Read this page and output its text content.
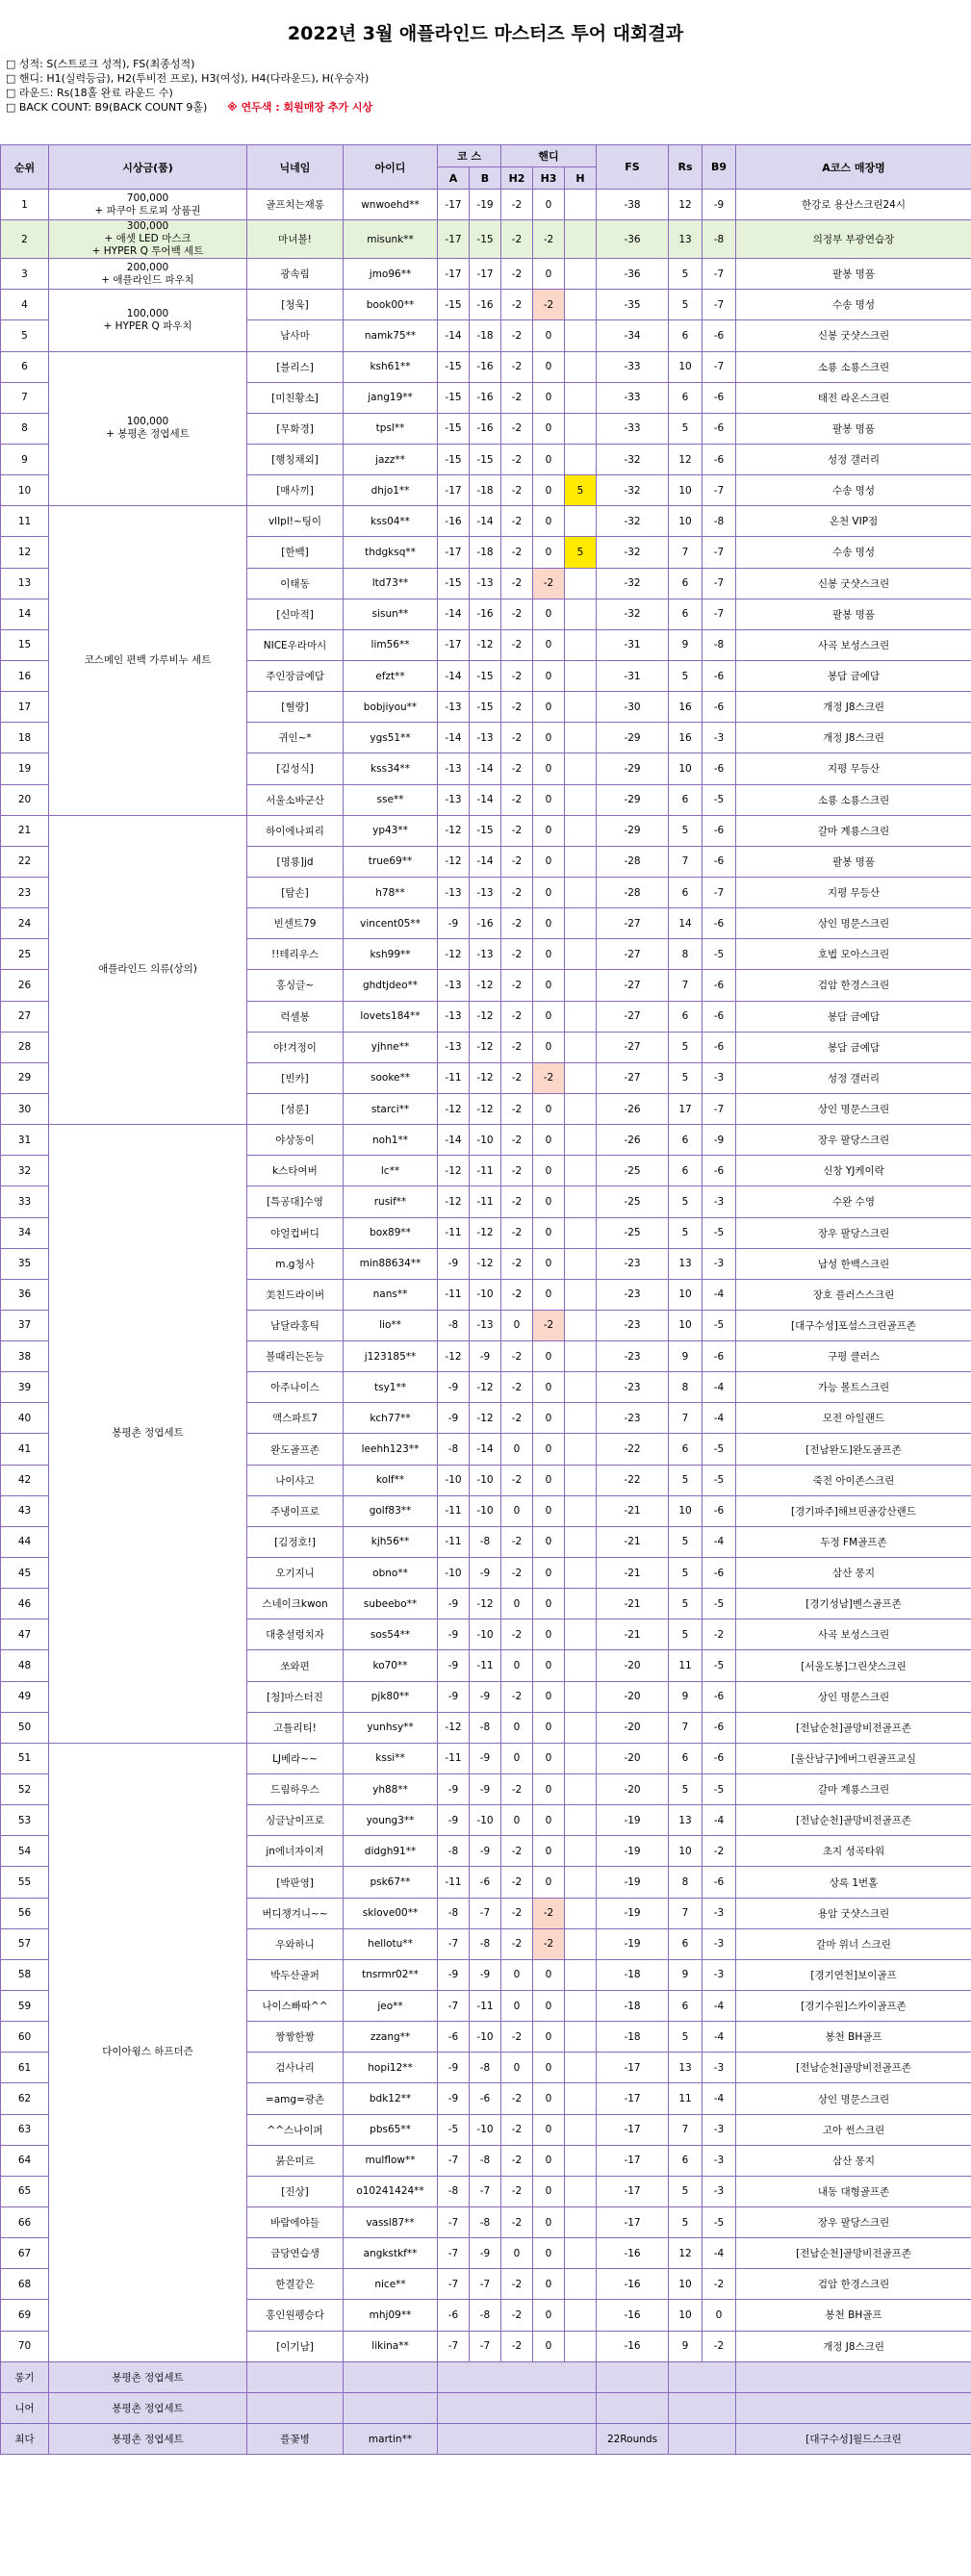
2022년 3월 애플라인드 마스터즈 투어 대회결과
□ 성적: S(스트로크 성적), FS(최종성적)
□ 핸디: H1(실력등급), H2(투비전 프로), H3(여성), H4(다라운드), H(우승자)
□ 라운드: Rs(18홀 완료 라운드 수)
□ BACK COUNT: B9(BACK COUNT 9홀) ※ 연두색 : 회원매장 추가 시상
순위	시상금(품)	닉네임	아이디	코 스		핸디			FS	Rs	B9	A코스 매장명
				A	B	H2	H3	H				
1	700,000
+ 파쿠아 트로피 상품권	골프치는재롱	wnwoehd**	-17	-19	-2	0		-38	12	-9	한강로 용산스크린24시
2	300,000
+ 애셋 LED 마스크
+ HYPER Q 투어백 세트	마녀볼!	misunk**	-17	-15	-2	-2		-36	13	-8	의정부 부광연습장
3	200,000
+ 애플라인드 파우치	광속림	jmo96**	-17	-17	-2	0		-36	5	-7	팔봉 명품
4	100,000
+ HYPER Q 파우치	[청욱]	book00**	-15	-16	-2	-2		-35	5	-7	수송 명성
5		남사마	namk75**	-14	-18	-2	0		-34	6	-6	신봉 굿샷스크린
6	100,000
+ 봉평촌 정엽세트	[블리스]	ksh61**	-15	-16	-2	0		-33	10	-7	소룡 소룡스크린
7		[미친황소]	jang19**	-15	-16	-2	0		-33	6	-6	태전 라온스크린
8		[무화경]	tpsl**	-15	-16	-2	0		-33	5	-6	팔봉 명품
9		[행칭채외]	jazz**	-15	-15	-2	0		-32	12	-6	성정 갤러리
10		[매사끼]	dhjo1**	-17	-18	-2	0	5	-32	10	-7	수송 명성
11	코스메인 편백 가루비누 세트	vlIpl!~팅이	kss04**	-16	-14	-2	0		-32	10	-8	온천 VIP점
12		[한백]	thdgksq**	-17	-18	-2	0	5	-32	7	-7	수송 명성
13		이태동	ltd73**	-15	-13	-2	-2		-32	6	-7	신봉 굿샷스크린
14		[신마적]	sisun**	-14	-16	-2	0		-32	6	-7	팔봉 명품
15		NICE우라마시	lim56**	-17	-12	-2	0		-31	9	-8	사곡 보성스크린
16		주인장금예담	efzt**	-14	-15	-2	0		-31	5	-6	봉담 금예담
17		[혈랑]	bobjiyou**	-13	-15	-2	0		-30	16	-6	개정 J8스크린
18		귀인~*	ygs51**	-14	-13	-2	0		-29	16	-3	개정 J8스크린
19		[김성식]	kss34**	-13	-14	-2	0		-29	10	-6	지평 무등산
20		서울소바군산	sse**	-13	-14	-2	0		-29	6	-5	소룡 소룡스크린
21	애플라인드 의류(상의)	하이에나피리	yp43**	-12	-15	-2	0		-29	5	-6	갈마 계룡스크린
22		[명룡]jd	true69**	-12	-14	-2	0		-28	7	-6	팔봉 명품
23		[탐손]	h78**	-13	-13	-2	0		-28	6	-7	지평 무등산
24		빈센트79	vincent05**	-9	-16	-2	0		-27	14	-6	상인 명문스크린
25		!!테리우스	ksh99**	-12	-13	-2	0		-27	8	-5	호법 모아스크린
26		홍싱글~	ghdtjdeo**	-13	-12	-2	0		-27	7	-6	검암 한경스크린
27		럭셀봉	lovets184**	-13	-12	-2	0		-27	6	-6	봉담 금예담
28		야!겨정이	yjhne**	-13	-12	-2	0		-27	5	-6	봉담 금예담
29		[빈카]	sooke**	-11	-12	-2	-2		-27	5	-3	성정 갤러리
30		[성룬]	starci**	-12	-12	-2	0		-26	17	-7	상인 명문스크린
31	봉평촌 정엽세트	야상동이	noh1**	-14	-10	-2	0		-26	6	-9	장우 팔당스크린
32		k스타여버	lc**	-12	-11	-2	0		-25	6	-6	신창 YJ케이락
33		[특공대]수영	rusif**	-12	-11	-2	0		-25	5	-3	수완 수영
34		야얼컵버디	box89**	-11	-12	-2	0		-25	5	-5	장우 팔당스크린
35		m.g청사	min88634**	-9	-12	-2	0		-23	13	-3	남성 한백스크린
36		美친드라이버	nans**	-11	-10	-2	0		-23	10	-4	장호 플러스스크린
37		남달라홍틱	lio**	-8	-13	0	-2		-23	10	-5	[대구수성]포섬스크린골프존
38		볼때리는돈능	j123185**	-12	-9	-2	0		-23	9	-6	구평 클러스
39		아주나이스	tsy1**	-9	-12	-2	0		-23	8	-4	가능 볼트스크린
40		액스파트7	kch77**	-9	-12	-2	0		-23	7	-4	모전 아일랜드
41		완도골프존	leehh123**	-8	-14	0	0		-22	6	-5	[전남완도]완도골프존
42		나이샤고	kolf**	-10	-10	-2	0		-22	5	-5	죽전 아이존스크린
43		주냉이프로	golf83**	-11	-10	0	0		-21	10	-6	[경기파주]해브핀골강산랜드
44		[김정호!]	kjh56**	-11	-8	-2	0		-21	5	-4	두정 FM골프존
45		오기지니	obno**	-10	-9	-2	0		-21	5	-6	삼산 몽지
46		스네이크kwon	subeebo**	-9	-12	0	0		-21	5	-5	[경기성남]벤스골프존
47		대충설렁치자	sos54**	-9	-10	-2	0		-21	5	-2	사곡 보성스크린
48		쏘와편	ko70**	-9	-11	0	0		-20	11	-5	[서울도봉]그린샷스크린
49		[청]마스터진	pjk80**	-9	-9	-2	0		-20	9	-6	상인 명문스크린
50		고틀리티!	yunhsy**	-12	-8	0	0		-20	7	-6	[전남순천]골망비전골프존
51	다이아윙스 하프더즌	LJ베라~~	kssi**	-11	-9	0	0		-20	6	-6	[울산남구]에버그린골프교실
52		드림하우스	yh88**	-9	-9	-2	0		-20	5	-5	갈마 계룡스크린
53		싱글날이프로	young3**	-9	-10	0	0		-19	13	-4	[전남순천]골망비전골프존
54		jn에너자이져	didgh91**	-8	-9	-2	0		-19	10	-2	초지 성곡타워
55		[박판영]	psk67**	-11	-6	-2	0		-19	8	-6	상록 1번홀
56		버디챙겨니~~	sklove00**	-8	-7	-2	-2		-19	7	-3	용암 굿샷스크린
57		우와하니	hellotu**	-7	-8	-2	-2		-19	6	-3	갈마 위너 스크린
58		박두산골퍼	tnsrmr02**	-9	-9	0	0		-18	9	-3	[경기연천]보이골프
59		나이스빠따^^	jeo**	-7	-11	0	0		-18	6	-4	[경기수원]스카이골프존
60		짱짱한짱	zzang**	-6	-10	-2	0		-18	5	-4	봉천 BH골프
61		검사나리	hopi12**	-9	-8	0	0		-17	13	-3	[전남순천]골망비전골프존
62		=amg=광촌	bdk12**	-9	-6	-2	0		-17	11	-4	상인 명문스크린
63		^^스나이퍼	pbs65**	-5	-10	-2	0		-17	7	-3	고아 썬스크린
64		붉은미르	mulflow**	-7	-8	-2	0		-17	6	-3	삼산 몽지
65		[진상]	o10241424**	-8	-7	-2	0		-17	5	-3	내동 대형골프존
66		바람에야들	vassl87**	-7	-8	-2	0		-17	5	-5	장우 팔당스크린
67		금당연습생	angkstkf**	-7	-9	0	0		-16	12	-4	[전남순천]골망비전골프존
68		한결같은	nice**	-7	-7	-2	0		-16	10	-2	검암 한경스크린
69		홍인원펭승다	mhj09**	-6	-8	-2	0		-16	10	0	봉천 BH골프
70		[이기남]	likina**	-7	-7	-2	0		-16	9	-2	개정 J8스크린
롱기	봉평촌 정엽세트											
니어	봉평촌 정엽세트											
최다	봉평촌 정엽세트	플꽃병	martin**						22Rounds			[대구수성]월드스크린
